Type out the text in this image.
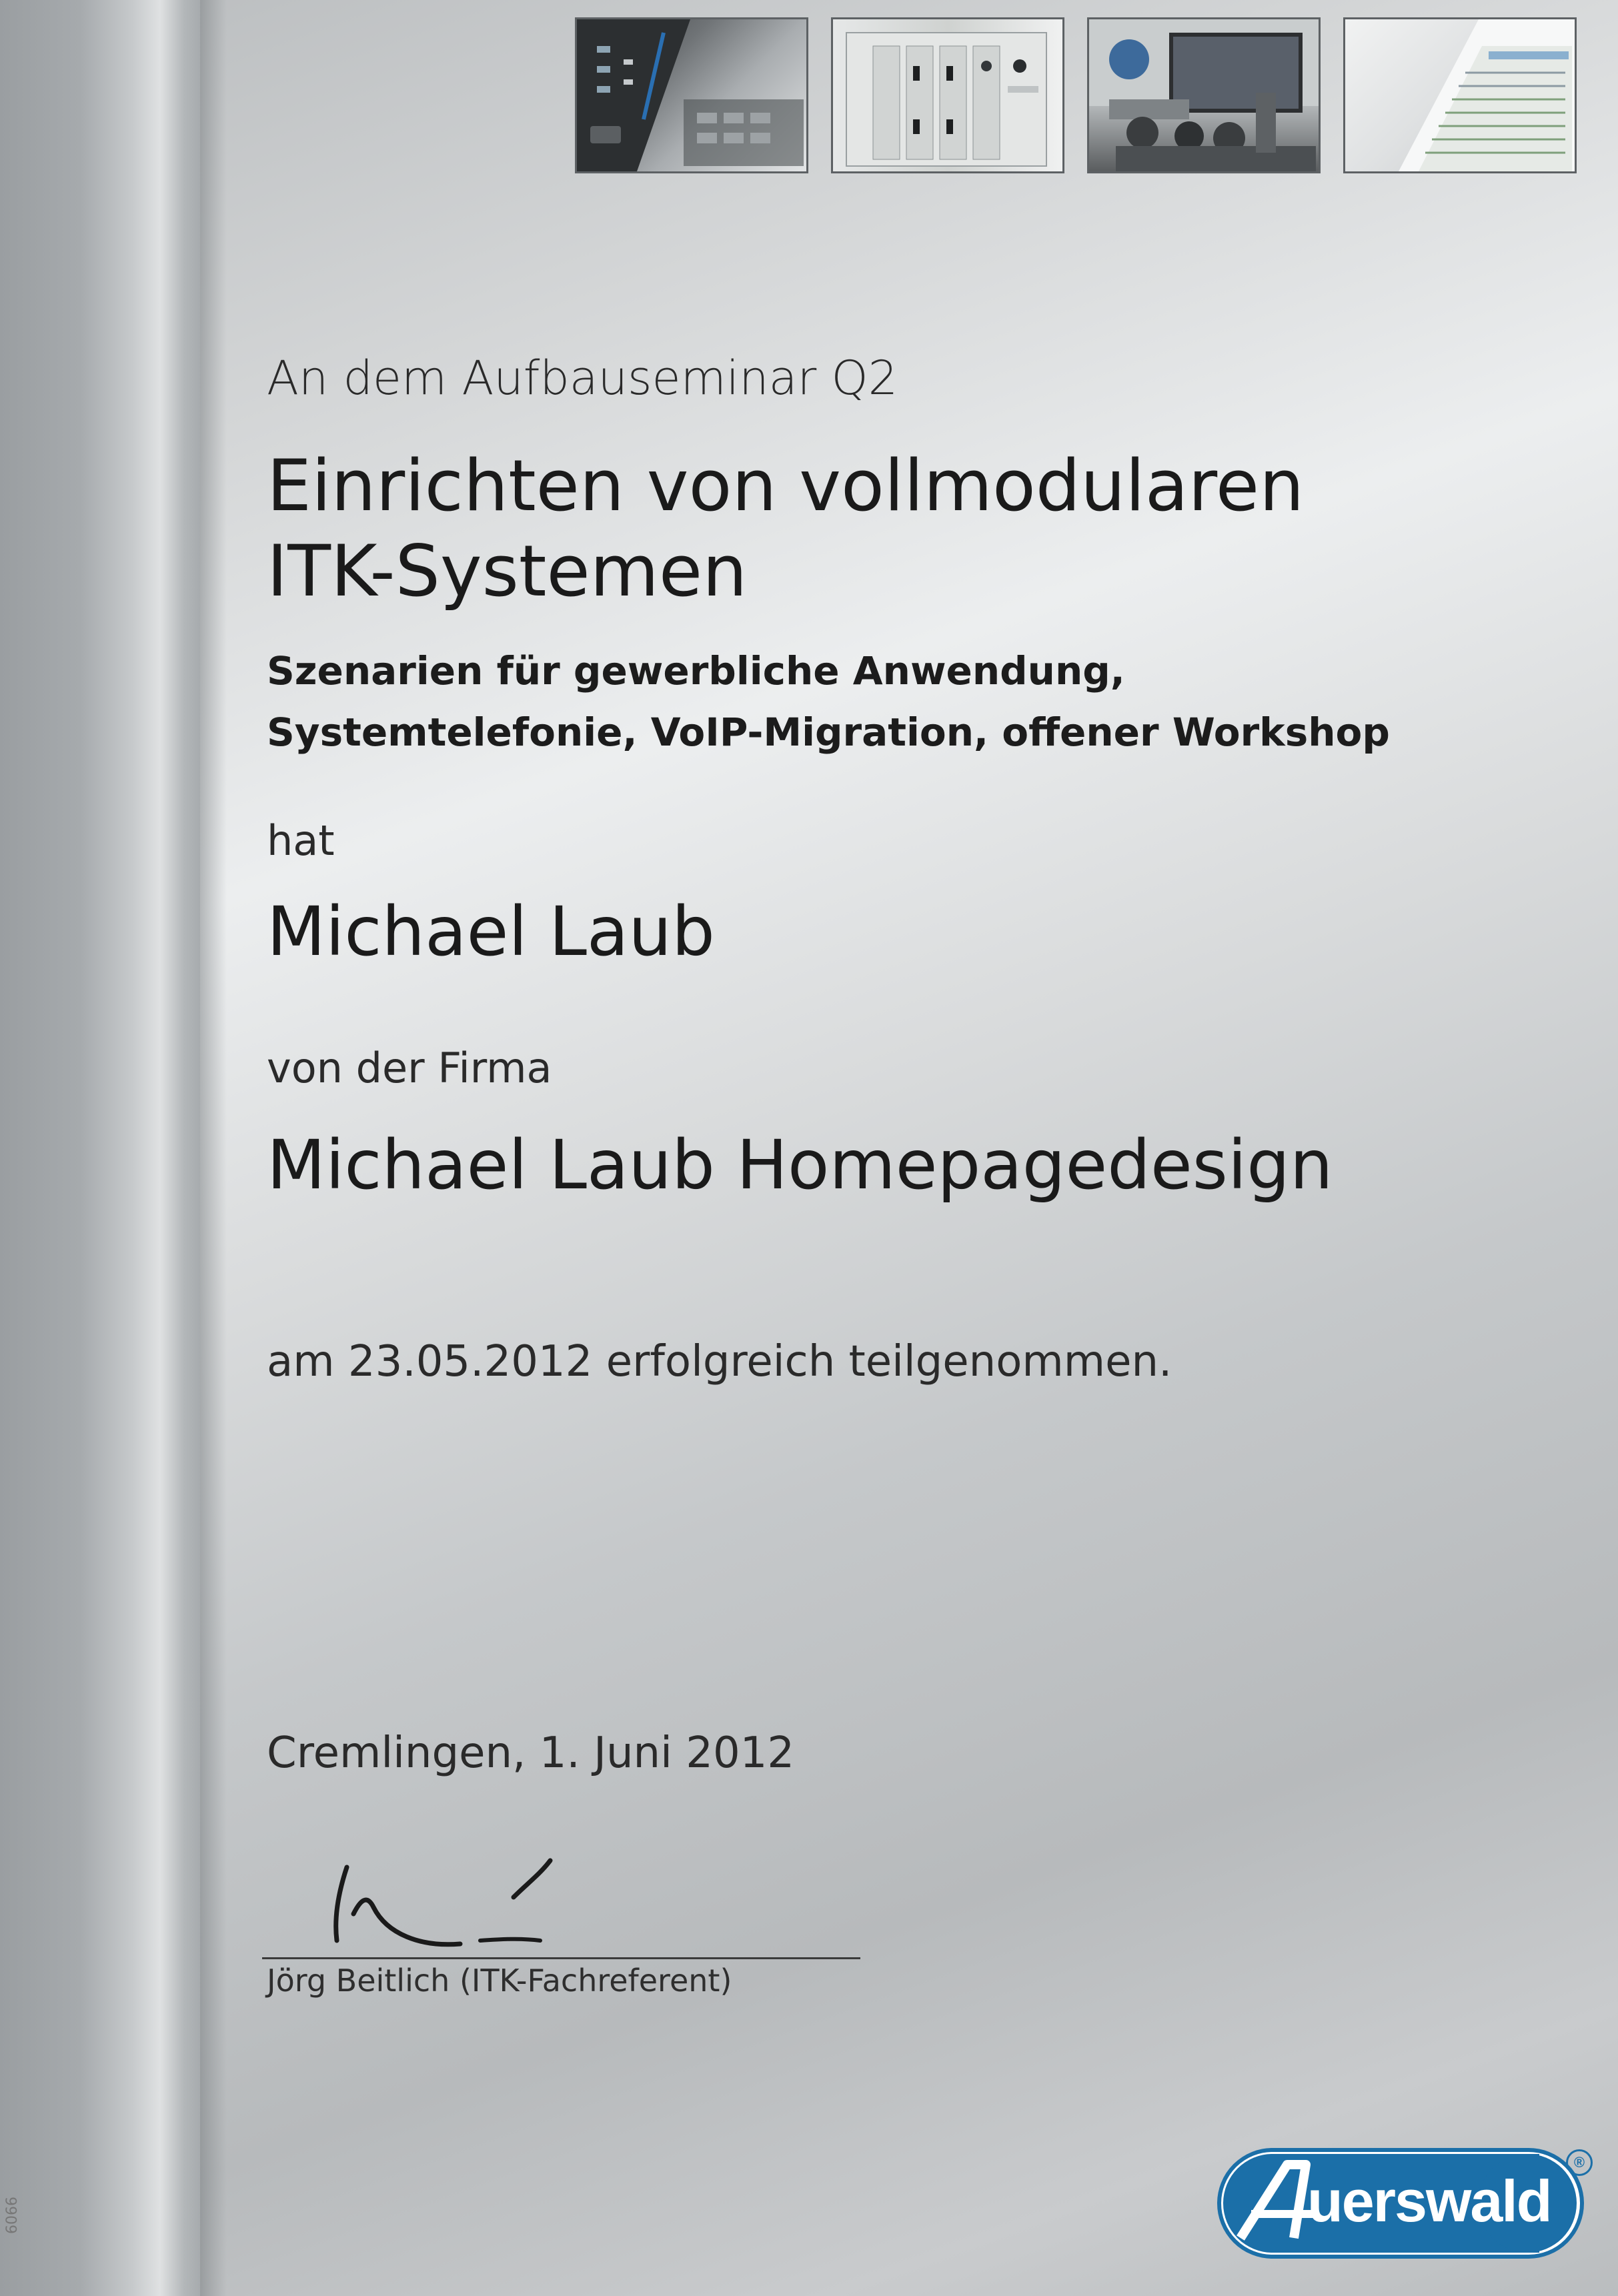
6066
An dem Aufbauseminar Q2
Einrichten von vollmodularen
ITK-Systemen
Szenarien für gewerbliche Anwendung,
Systemtelefonie, VoIP-Migration, offener Workshop
hat
Michael Laub
von der Firma
Michael Laub Homepagedesign
am 23.05.2012 erfolgreich teilgenommen.
Cremlingen, 1. Juni 2012
Jörg Beitlich (ITK-Fachreferent)
uerswald
®
